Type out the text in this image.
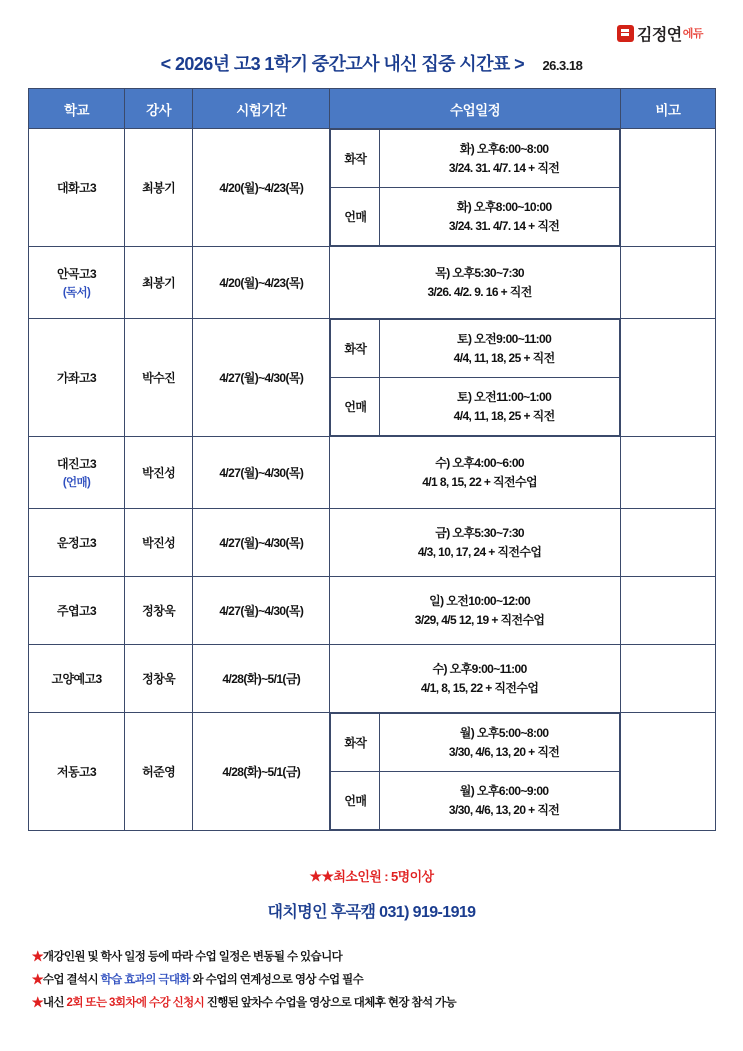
김정연 에듀
< 2026년 고3 1학기 중간고사 내신 집중 시간표 > 26.3.18
학교	강사	시험기간	수업일정	비고
대화고3	최봉기	4/20(월)~4/23(목)	
화작	화) 오후6:00~8:00
3/24. 31. 4/7. 14 + 직전

언매	화) 오후8:00~10:00
3/24. 31. 4/7. 14 + 직전

안곡고3
(독서)
	최봉기	4/20(월)~4/23(목)	목) 오후5:30~7:30
3/26. 4/2. 9. 16 + 직전

가좌고3	박수진	4/27(월)~4/30(목)	
화작	토) 오전9:00~11:00
4/4, 11, 18, 25 + 직전

언매	토) 오전11:00~1:00
4/4, 11, 18, 25 + 직전

대진고3
(언매)
	박진성	4/27(월)~4/30(목)	수) 오후4:00~6:00
4/1 8, 15, 22 + 직전수업

운정고3	박진성	4/27(월)~4/30(목)	금) 오후5:30~7:30
4/3, 10, 17, 24 + 직전수업

주엽고3	정창욱	4/27(월)~4/30(목)	일) 오전10:00~12:00
3/29, 4/5 12, 19 + 직전수업

고양예고3	정창욱	4/28(화)~5/1(금)	수) 오후9:00~11:00
4/1, 8, 15, 22 + 직전수업

저동고3	허준영	4/28(화)~5/1(금)	
화작	월) 오후5:00~8:00
3/30, 4/6, 13, 20 + 직전

언매	월) 오후6:00~9:00
3/30, 4/6, 13, 20 + 직전

★★최소인원 : 5명이상
대치명인 후곡캠 031) 919-1919
★개강인원 및 학사 일정 등에 따라 수업 일정은 변동될 수 있습니다
★수업 결석시 학습 효과의 극대화 와 수업의 연계성으로 영상 수업 필수
★내신 2회 또는 3회차에 수강 신청시 진행된 앞차수 수업을 영상으로 대체후 현장 참석 가능
